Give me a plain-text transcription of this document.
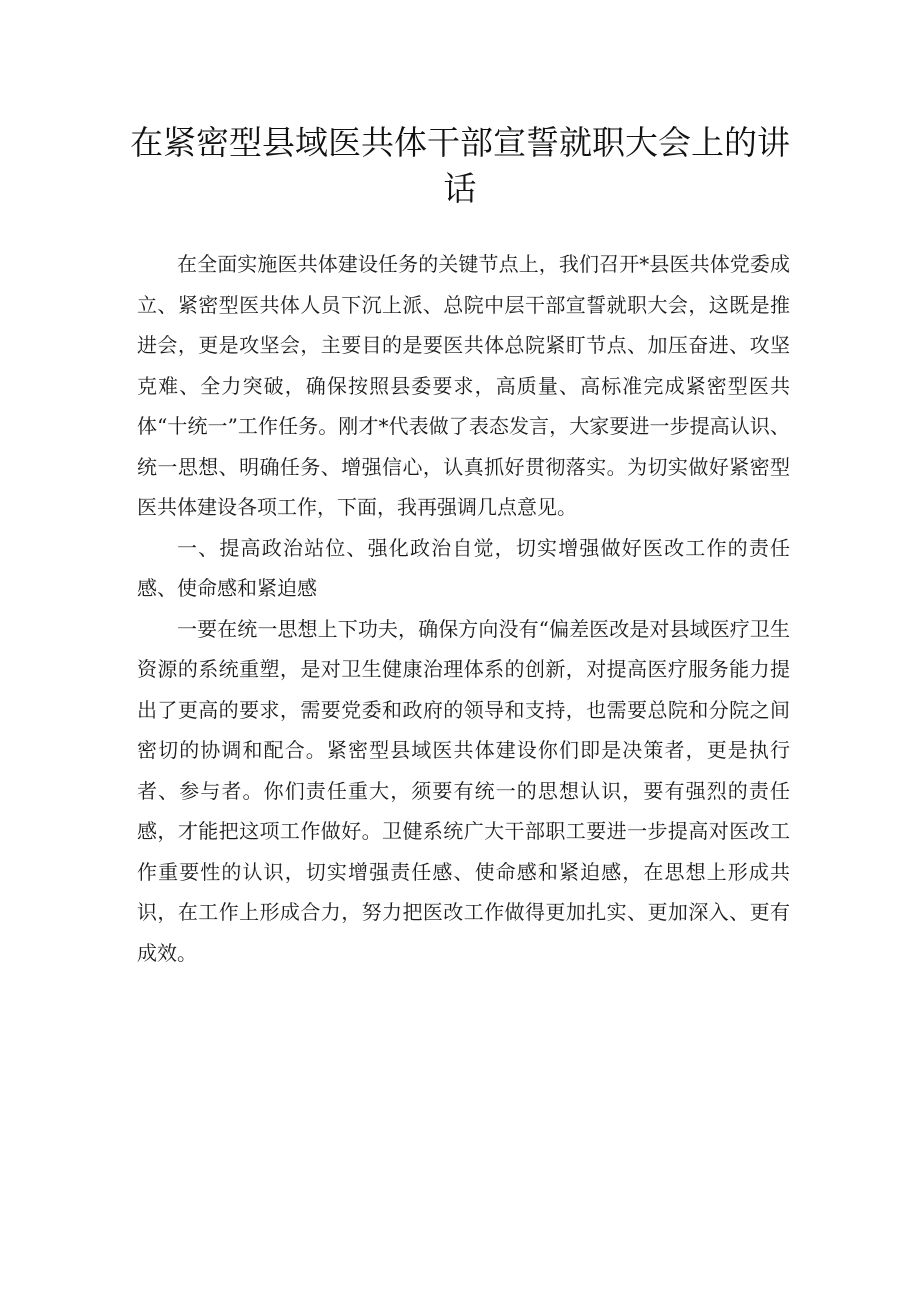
在紧密型县域医共体干部宣誓就职大会上的讲话

在全面实施医共体建设任务的关键节点上，我们召开*县医共体党委成立、紧密型医共体人员下沉上派、总院中层干部宣誓就职大会，这既是推进会，更是攻坚会，主要目的是要医共体总院紧盯节点、加压奋进、攻坚克难、全力突破，确保按照县委要求，高质量、高标准完成紧密型医共体“十统一”工作任务。刚才*代表做了表态发言，大家要进一步提高认识、统一思想、明确任务、增强信心，认真抓好贯彻落实。为切实做好紧密型医共体建设各项工作，下面，我再强调几点意见。

一、提高政治站位、强化政治自觉，切实增强做好医改工作的责任感、使命感和紧迫感

一要在统一思想上下功夫，确保方向没有“偏差医改是对县域医疗卫生资源的系统重塑，是对卫生健康治理体系的创新，对提高医疗服务能力提出了更高的要求，需要党委和政府的领导和支持，也需要总院和分院之间密切的协调和配合。紧密型县域医共体建设你们即是决策者，更是执行者、参与者。你们责任重大，须要有统一的思想认识，要有强烈的责任感，才能把这项工作做好。卫健系统广大干部职工要进一步提高对医改工作重要性的认识，切实增强责任感、使命感和紧迫感，在思想上形成共识，在工作上形成合力，努力把医改工作做得更加扎实、更加深入、更有成效。
